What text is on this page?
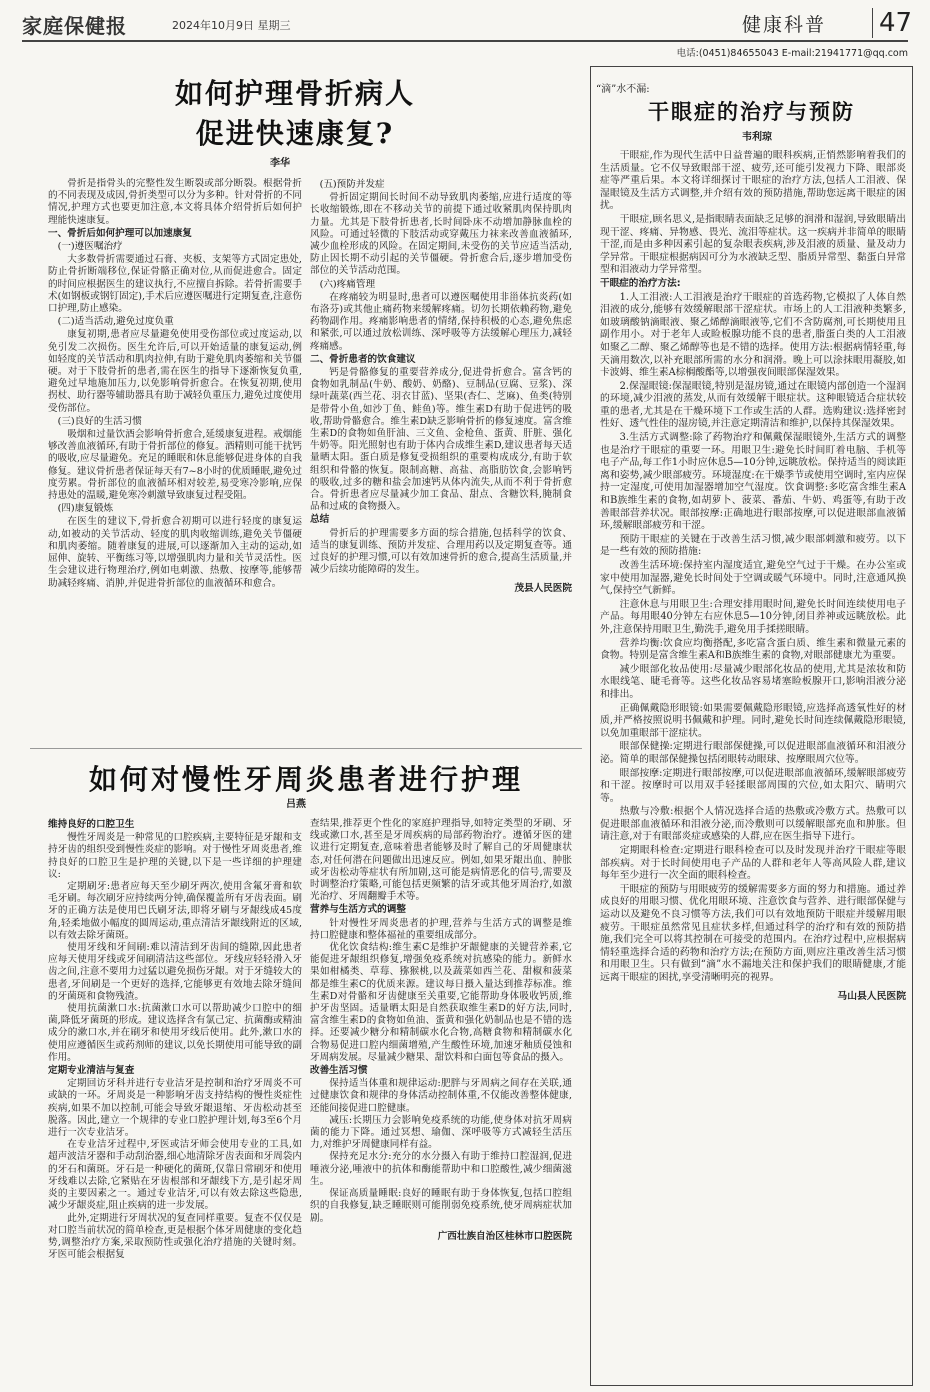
家庭保健报	2024年10月9日 星期三	健康科普 47
电话:(0451)84655043 E-mail:21941771@qq.com
如何护理骨折病人
促进快速康复?
李华

骨折是指骨头的完整性发生断裂或部分断裂。根据骨折的不同表现及成因,骨折类型可以分为多种。针对骨折的不同情况,护理方式也要更加注意,本文将具体介绍骨折后如何护理能快速康复。

一、骨折后如何护理可以加速康复
(一)遵医嘱治疗

大多数骨折需要通过石膏、夹板、支架等方式固定患处,防止骨折断端移位,保证骨骼正确对位,从而促进愈合。固定的时间应根据医生的建议执行,不应擅自拆除。若骨折需要手术(如钢板或钢钉固定),手术后应遵医嘱进行定期复查,注意伤口护理,防止感染。

(二)适当活动,避免过度负重

康复初期,患者应尽量避免使用受伤部位或过度运动,以免引发二次损伤。医生允许后,可以开始适量的康复运动,例如轻度的关节活动和肌肉拉伸,有助于避免肌肉萎缩和关节僵硬。对于下肢骨折的患者,需在医生的指导下逐渐恢复负重,避免过早地施加压力,以免影响骨折愈合。在恢复初期,使用拐杖、助行器等辅助器具有助于减轻负重压力,避免过度使用受伤部位。

(三)良好的生活习惯

吸烟和过量饮酒会影响骨折愈合,延缓康复进程。戒烟能够改善血液循环,有助于骨折部位的修复。酒精则可能干扰钙的吸收,应尽量避免。充足的睡眠和休息能够促进身体的自我修复。建议骨折患者保证每天有7~8小时的优质睡眠,避免过度劳累。骨折部位的血液循环相对较差,易受寒冷影响,应保持患处的温暖,避免寒冷刺激导致康复过程受阻。

(四)康复锻炼

在医生的建议下,骨折愈合初期可以进行轻度的康复运动,如被动的关节活动、轻度的肌肉收缩训练,避免关节僵硬和肌肉萎缩。随着康复的进展,可以逐渐加入主动的运动,如屈伸、旋转、平衡练习等,以增强肌肉力量和关节灵活性。医生会建议进行物理治疗,例如电刺激、热敷、按摩等,能够帮助减轻疼痛、消肿,并促进骨折部位的血液循环和愈合。

(五)预防并发症

骨折固定期间长时间不动导致肌肉萎缩,应进行适度的等长收缩锻炼,即在不移动关节的前提下通过收紧肌肉保持肌肉力量。尤其是下肢骨折患者,长时间卧床不动增加静脉血栓的风险。可通过轻微的下肢活动或穿戴压力袜来改善血液循环,减少血栓形成的风险。在固定期间,未受伤的关节应适当活动,防止因长期不动引起的关节僵硬。骨折愈合后,逐步增加受伤部位的关节活动范围。

(六)疼痛管理

在疼痛较为明显时,患者可以遵医嘱使用非甾体抗炎药(如布洛芬)或其他止痛药物来缓解疼痛。切勿长期依赖药物,避免药物副作用。疼痛影响患者的情绪,保持积极的心态,避免焦虑和紧张,可以通过放松训练、深呼吸等方法缓解心理压力,减轻疼痛感。

二、骨折患者的饮食建议

钙是骨骼修复的重要营养成分,促进骨折愈合。富含钙的食物如乳制品(牛奶、酸奶、奶酪)、豆制品(豆腐、豆浆)、深绿叶蔬菜(西兰花、羽衣甘蓝)、坚果(杏仁、芝麻)、鱼类(特别是带骨小鱼,如沙丁鱼、鲑鱼)等。维生素D有助于促进钙的吸收,帮助骨骼愈合。维生素D缺乏影响骨折的修复速度。富含维生素D的食物如鱼肝油、三文鱼、金枪鱼、蛋黄、肝脏、强化牛奶等。阳光照射也有助于体内合成维生素D,建议患者每天适量晒太阳。蛋白质是修复受损组织的重要构成成分,有助于软组织和骨骼的恢复。限制高糖、高盐、高脂肪饮食,会影响钙的吸收,过多的糖和盐会加速钙从体内流失,从而不利于骨折愈合。骨折患者应尽量减少加工食品、甜点、含糖饮料,腌制食品和过咸的食物摄入。

总结

骨折后的护理需要多方面的综合措施,包括科学的饮食、适当的康复训练、预防并发症、合理用药以及定期复查等。通过良好的护理习惯,可以有效加速骨折的愈合,提高生活质量,并减少后续功能障碍的发生。

茂县人民医院

如何对慢性牙周炎患者进行护理
吕燕
维持良好的口腔卫生

慢性牙周炎是一种常见的口腔疾病,主要特征是牙龈和支持牙齿的组织受到慢性炎症的影响。对于慢性牙周炎患者,维持良好的口腔卫生是护理的关键,以下是一些详细的护理建议:

定期刷牙:患者应每天至少刷牙两次,使用含氟牙膏和软毛牙刷。每次刷牙应持续两分钟,确保覆盖所有牙齿表面。刷牙的正确方法是使用巴氏刷牙法,即将牙刷与牙龈线成45度角,轻柔地做小幅度的圆周运动,重点清洁牙龈线附近的区域,以有效去除牙菌斑。

使用牙线和牙间刷:难以清洁到牙齿间的缝隙,因此患者应每天使用牙线或牙间刷清洁这些部位。牙线应轻轻滑入牙齿之间,注意不要用力过猛以避免损伤牙龈。对于牙缝较大的患者,牙间刷是一个更好的选择,它能够更有效地去除牙缝间的牙菌斑和食物残渣。

使用抗菌漱口水:抗菌漱口水可以帮助减少口腔中的细菌,降低牙菌斑的形成。建议选择含有氯己定、抗菌酶或精油成分的漱口水,并在刷牙和使用牙线后使用。此外,漱口水的使用应遵循医生或药剂师的建议,以免长期使用可能导致的副作用。

定期专业清洁与复查

定期回访牙科并进行专业洁牙是控制和治疗牙周炎不可或缺的一环。牙周炎是一种影响牙齿支持结构的慢性炎症性疾病,如果不加以控制,可能会导致牙龈退缩、牙齿松动甚至脱落。因此,建立一个规律的专业口腔护理计划,每3至6个月进行一次专业洁牙。

在专业洁牙过程中,牙医或洁牙师会使用专业的工具,如超声波洁牙器和手动刮治器,细心地清除牙齿表面和牙周袋内的牙石和菌斑。牙石是一种硬化的菌斑,仅靠日常刷牙和使用牙线难以去除,它紧贴在牙齿根部和牙龈线下方,是引起牙周炎的主要因素之一。通过专业洁牙,可以有效去除这些隐患,减少牙龈炎症,阻止疾病的进一步发展。

此外,定期进行牙周状况的复查同样重要。复查不仅仅是对口腔当前状况的简单检查,更是根据个体牙周健康的变化趋势,调整治疗方案,采取预防性或强化治疗措施的关键时刻。牙医可能会根据复

查结果,推荐更个性化的家庭护理指导,如特定类型的牙刷、牙线或漱口水,甚至是牙周疾病的局部药物治疗。遵循牙医的建议进行定期复查,意味着患者能够及时了解自己的牙周健康状态,对任何潜在问题做出迅速反应。例如,如果牙龈出血、肿胀或牙齿松动等症状有所加剧,这可能是病情恶化的信号,需要及时调整治疗策略,可能包括更频繁的洁牙或其他牙周治疗,如激光治疗、牙周翻瓣手术等。

营养与生活方式的调整

针对慢性牙周炎患者的护理,营养与生活方式的调整是维持口腔健康和整体福祉的重要组成部分。

优化饮食结构:维生素C是维护牙龈健康的关键营养素,它能促进牙龈组织修复,增强免疫系统对抗感染的能力。新鲜水果如柑橘类、草莓、猕猴桃,以及蔬菜如西兰花、甜椒和菠菜都是维生素C的优质来源。建议每日摄入量达到推荐标准。维生素D对骨骼和牙齿健康至关重要,它能帮助身体吸收钙质,维护牙齿坚固。适量晒太阳是自然获取维生素D的好方法,同时,富含维生素D的食物如鱼油、蛋黄和强化奶制品也是不错的选择。还要减少糖分和精制碳水化合物,高糖食物和精制碳水化合物易促进口腔内细菌增殖,产生酸性环境,加速牙釉质侵蚀和牙周病发展。尽量减少糖果、甜饮料和白面包等食品的摄入。

改善生活习惯

保持适当体重和规律运动:肥胖与牙周病之间存在关联,通过健康饮食和规律的身体活动控制体重,不仅能改善整体健康,还能间接促进口腔健康。

减压:长期压力会影响免疫系统的功能,使身体对抗牙周病菌的能力下降。通过冥想、瑜伽、深呼吸等方式减轻生活压力,对维护牙周健康同样有益。

保持充足水分:充分的水分摄入有助于维持口腔湿润,促进唾液分泌,唾液中的抗体和酶能帮助中和口腔酸性,减少细菌滋生。

保证高质量睡眠:良好的睡眠有助于身体恢复,包括口腔组织的自我修复,缺乏睡眠则可能削弱免疫系统,使牙周病症状加剧。

广西壮族自治区桂林市口腔医院

“滴”水不漏:
干眼症的治疗与预防
韦利琼

干眼症,作为现代生活中日益普遍的眼科疾病,正悄然影响着我们的生活质量。它不仅导致眼部干涩、疲劳,还可能引发视力下降、眼部炎症等严重后果。本文将详细探讨干眼症的治疗方法,包括人工泪液、保湿眼镜及生活方式调整,并介绍有效的预防措施,帮助您远离干眼症的困扰。

干眼症,顾名思义,是指眼睛表面缺乏足够的润滑和湿润,导致眼睛出现干涩、疼痛、异物感、畏光、流泪等症状。这一疾病并非简单的眼睛干涩,而是由多种因素引起的复杂眼表疾病,涉及泪液的质量、量及动力学异常。干眼症根据病因可分为水液缺乏型、脂质异常型、黏蛋白异常型和泪液动力学异常型。

干眼症的治疗方法:

1.人工泪液:人工泪液是治疗干眼症的首选药物,它模拟了人体自然泪液的成分,能够有效缓解眼部干涩症状。市场上的人工泪液种类繁多,如玻璃酸钠滴眼液、聚乙烯醇滴眼液等,它们不含防腐剂,可长期使用且副作用小。对于老年人或睑板腺功能不良的患者,脂蛋白类的人工泪液如聚乙二醇、聚乙烯醇等也是不错的选择。使用方法:根据病情轻重,每天滴用数次,以补充眼部所需的水分和润滑。晚上可以涂抹眼用凝胶,如卡波姆、维生素A棕榈酸酯等,以增强夜间眼部保湿效果。

2.保湿眼镜:保湿眼镜,特别是湿房镜,通过在眼镜内部创造一个湿润的环境,减少泪液的蒸发,从而有效缓解干眼症状。这种眼镜适合症状较重的患者,尤其是在干燥环境下工作或生活的人群。选购建议:选择密封性好、透气性佳的湿房镜,并注意定期清洁和维护,以保持其保湿效果。

3.生活方式调整:除了药物治疗和佩戴保湿眼镜外,生活方式的调整也是治疗干眼症的重要一环。用眼卫生:避免长时间盯着电脑、手机等电子产品,每工作1小时应休息5—10分钟,远眺放松。保持适当的阅读距离和姿势,减少眼部疲劳。环境湿度:在干燥季节或使用空调时,室内应保持一定湿度,可使用加湿器增加空气湿度。饮食调整:多吃富含维生素A和B族维生素的食物,如胡萝卜、菠菜、番茄、牛奶、鸡蛋等,有助于改善眼部营养状况。眼部按摩:正确地进行眼部按摩,可以促进眼部血液循环,缓解眼部疲劳和干涩。

预防干眼症的关键在于改善生活习惯,减少眼部刺激和疲劳。以下是一些有效的预防措施:

改善生活环境:保持室内湿度适宜,避免空气过于干燥。在办公室或家中使用加湿器,避免长时间处于空调或暖气环境中。同时,注意通风换气,保持空气新鲜。

注意休息与用眼卫生:合理安排用眼时间,避免长时间连续使用电子产品。每用眼40分钟左右应休息5—10分钟,闭目养神或远眺放松。此外,注意保持用眼卫生,勤洗手,避免用手揉搓眼睛。

营养均衡:饮食应均衡搭配,多吃富含蛋白质、维生素和微量元素的食物。特别是富含维生素A和B族维生素的食物,对眼部健康尤为重要。

减少眼部化妆品使用:尽量减少眼部化妆品的使用,尤其是浓妆和防水眼线笔、睫毛膏等。这些化妆品容易堵塞睑板腺开口,影响泪液分泌和排出。

正确佩戴隐形眼镜:如果需要佩戴隐形眼镜,应选择高透氧性好的材质,并严格按照说明书佩戴和护理。同时,避免长时间连续佩戴隐形眼镜,以免加重眼部干涩症状。

眼部保健操:定期进行眼部保健操,可以促进眼部血液循环和泪液分泌。简单的眼部保健操包括闭眼转动眼球、按摩眼周穴位等。

眼部按摩:定期进行眼部按摩,可以促进眼部血液循环,缓解眼部疲劳和干涩。按摩时可以用双手轻揉眼部周围的穴位,如太阳穴、睛明穴等。

热敷与冷敷:根据个人情况选择合适的热敷或冷敷方式。热敷可以促进眼部血液循环和泪液分泌,而冷敷则可以缓解眼部充血和肿胀。但请注意,对于有眼部炎症或感染的人群,应在医生指导下进行。

定期眼科检查:定期进行眼科检查可以及时发现并治疗干眼症等眼部疾病。对于长时间使用电子产品的人群和老年人等高风险人群,建议每年至少进行一次全面的眼科检查。

干眼症的预防与用眼疲劳的缓解需要多方面的努力和措施。通过养成良好的用眼习惯、优化用眼环境、注意饮食与营养、进行眼部保健与运动以及避免不良习惯等方法,我们可以有效地预防干眼症并缓解用眼疲劳。干眼症虽然常见且症状多样,但通过科学的治疗和有效的预防措施,我们完全可以将其控制在可接受的范围内。在治疗过程中,应根据病情轻重选择合适的药物和治疗方法;在预防方面,则应注重改善生活习惯和用眼卫生。只有做到“滴”水不漏地关注和保护我们的眼睛健康,才能远离干眼症的困扰,享受清晰明亮的视界。

马山县人民医院
